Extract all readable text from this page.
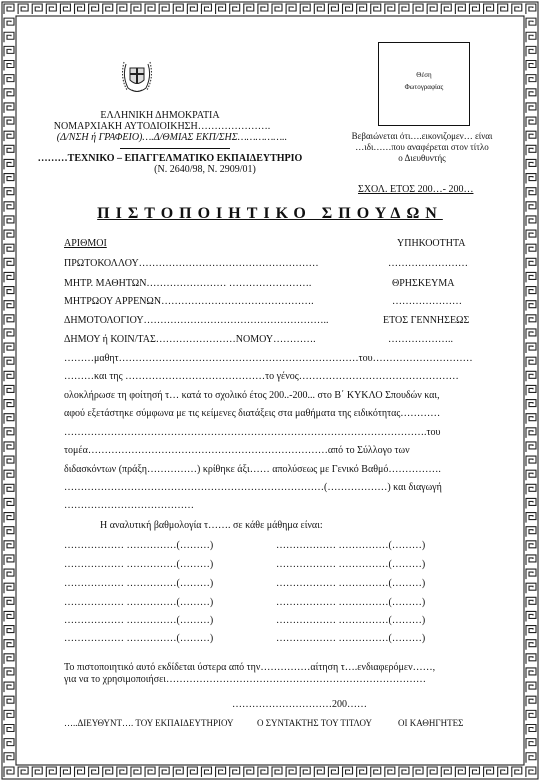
ΕΛΛΗΝΙΚΗ ΔΗΜΟΚΡΑΤΙΑ
ΝΟΜΑΡΧΙΑΚΗ ΑΥΤΟΔΙΟΙΚΗΣΗ………………….
(Δ/ΝΣΗ ή ΓΡΑΦΕΙΟ)….Δ/ΘΜΙΑΣ ΕΚΠ/ΣΗΣ……………..
………ΤΕΧΝΙΚΟ – ΕΠΑΓΓΕΛΜΑΤΙΚΟ ΕΚΠΑΙΔΕΥΤΗΡΙΟ
(Ν. 2640/98, Ν. 2909/01)
Θέση
Φωτογραφίας
Βεβαιώνεται ότι….εικονιζομεν… είναι
…ιδι……που αναφέρεται στον τίτλο
ο Διευθυντής
ΣΧΟΛ. ΕΤΟΣ 200…- 200…
ΠΙΣΤΟΠΟΙΗΤΙΚΟ ΣΠΟΥΔΩΝ
ΑΡΙΘΜΟΙ	ΥΠΗΚΟΟΤΗΤΑ
ΠΡΩΤΟΚΟΛΛΟΥ………………………………………………	……………………
ΜΗΤΡ. ΜΑΘΗΤΩΝ…………………… …………………….	ΘΡΗΣΚΕΥΜΑ
ΜΗΤΡΩΟΥ ΑΡΡΕΝΩΝ……………………………………….	…………………
ΔΗΜΟΤΟΛΟΓΙΟΥ………………………………………………..	ΕΤΟΣ ΓΕΝΝΗΣΕΩΣ
ΔΗΜΟΥ ή ΚΟΙΝ/ΤΑΣ……………………ΝΟΜΟΥ………….	………………..
………μαθητ………………………………………………………………του…………………………
………και της ……………………………………το γένος…………………………………………
ολοκλήρωσε τη φοίτησή τ… κατά το σχολικό έτος 200..-200... στο Β΄ ΚΥΚΛΟ Σπουδών και,
αφού εξετάστηκε σύμφωνα με τις κείμενες διατάξεις στα μαθήματα της ειδικότητας…………
……………………………………………………………………………………………….του
τομέα………………………………………………………………από το Σύλλογο των
διδασκόντων (πράξη……………) κρίθηκε άξι…… απολύσεως με Γενικό Βαθμό…………….
……………………………………………………………………(………………) και διαγωγή
…………………………………
Η αναλυτική βαθμολογία τ……. σε κάθε μάθημα είναι:
……………… ……………(………)	……………… ……………(………)
……………… ……………(………)	……………… ……………(………)
……………… ……………(………)	……………… ……………(………)
……………… ……………(………)	……………… ……………(………)
……………… ……………(………)	……………… ……………(………)
……………… ……………(………)	……………… ……………(………)
Το πιστοποιητικό αυτό εκδίδεται ύστερα από την……………αίτηση τ….ενδιαφερόμεν……,
για να το χρησιμοποιήσει……………………………………………………………………
…………………………200……
…..ΔΙΕΥΘΥΝΤ…. ΤΟΥ ΕΚΠΑΙΔΕΥΤΗΡΙΟΥ	Ο ΣΥΝΤΑΚΤΗΣ ΤΟΥ ΤΙΤΛΟΥ	ΟΙ ΚΑΘΗΓΗΤΕΣ
